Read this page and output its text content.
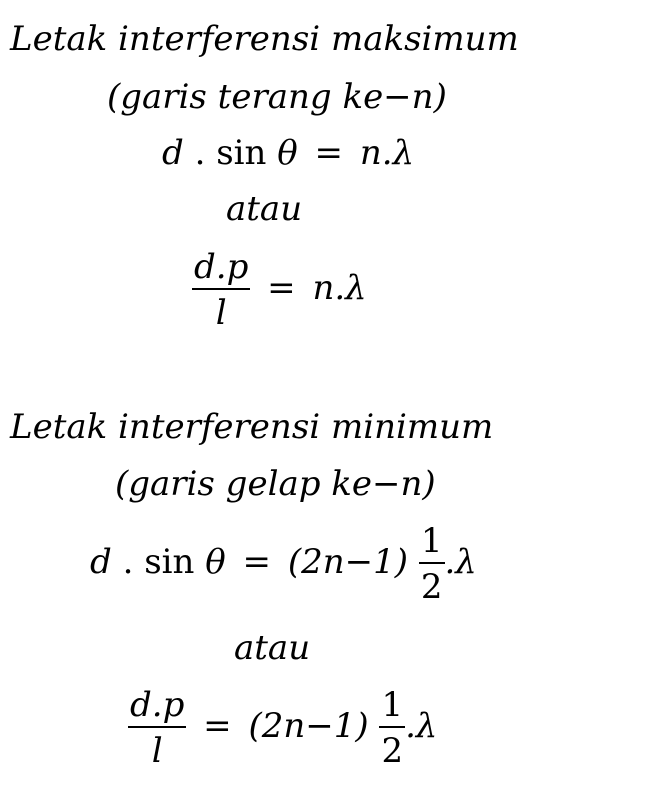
Letak interferensi maksimum
(garis terang ke−n)
d . sin θ = n.λ
atau
$\frac{d.p}{l} = n.\lambda$
Letak interferensi minimum
(garis gelap ke−n)
d . $\sin \theta = (2n-1) \frac{1}{2} .\lambda$
atau
$\frac{d.p}{l} = (2n-1) \frac{1}{2} .\lambda$
